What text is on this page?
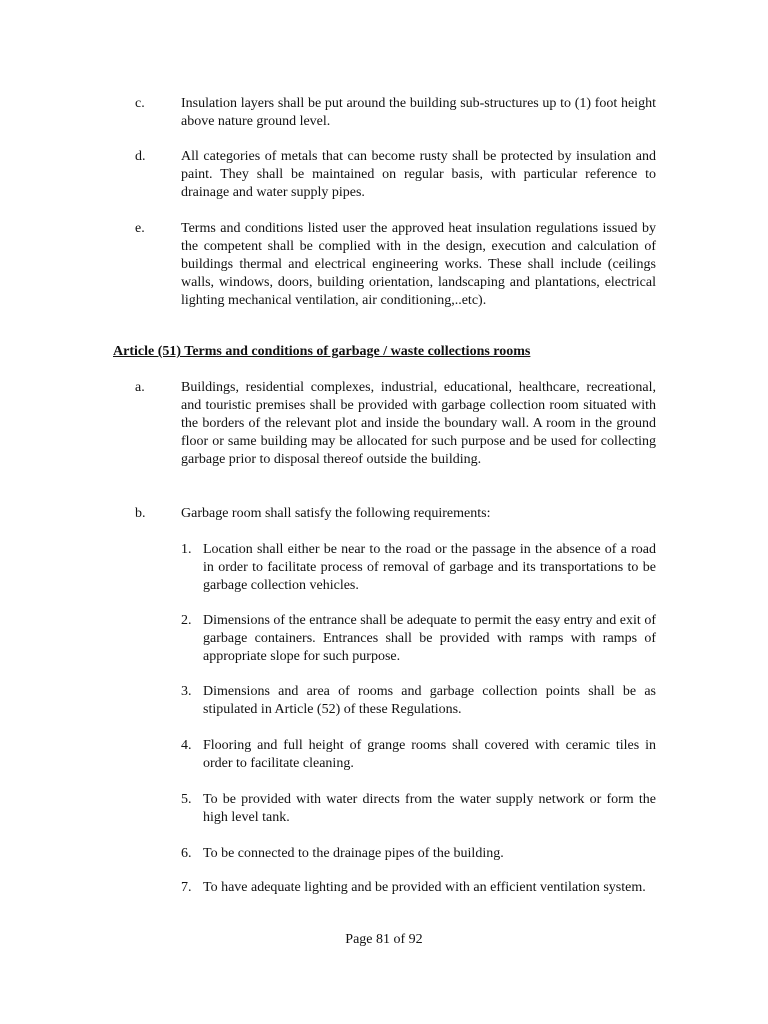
c.	Insulation layers shall be put around the building sub-structures up to (1) foot height above nature ground level.
d.	All categories of metals that can become rusty shall be protected by insulation and paint. They shall be maintained on regular basis, with particular reference to drainage and water supply pipes.
e.	Terms and conditions listed user the approved heat insulation regulations issued by the competent shall be complied with in the design, execution and calculation of buildings thermal and electrical engineering works. These shall include (ceilings walls, windows, doors, building orientation, landscaping and plantations, electrical lighting mechanical ventilation, air conditioning,..etc).
Article (51) Terms and conditions of garbage / waste collections rooms
a.	Buildings, residential complexes, industrial, educational, healthcare, recreational, and touristic premises shall be provided with garbage collection room situated with the borders of the relevant plot and inside the boundary wall. A room in the ground floor or same building may be allocated for such purpose and be used for collecting garbage prior to disposal thereof outside the building.
b.	Garbage room shall satisfy the following requirements:
1. Location shall either be near to the road or the passage in the absence of a road in order to facilitate process of removal of garbage and its transportations to be garbage collection vehicles.
2. Dimensions of the entrance shall be adequate to permit the easy entry and exit of garbage containers. Entrances shall be provided with ramps with ramps of appropriate slope for such purpose.
3. Dimensions and area of rooms and garbage collection points shall be as stipulated in Article (52) of these Regulations.
4. Flooring and full height of grange rooms shall covered with ceramic tiles in order to facilitate cleaning.
5. To be provided with water directs from the water supply network or form the high level tank.
6. To be connected to the drainage pipes of the building.
7. To have adequate lighting and be provided with an efficient ventilation system.
Page 81 of 92
